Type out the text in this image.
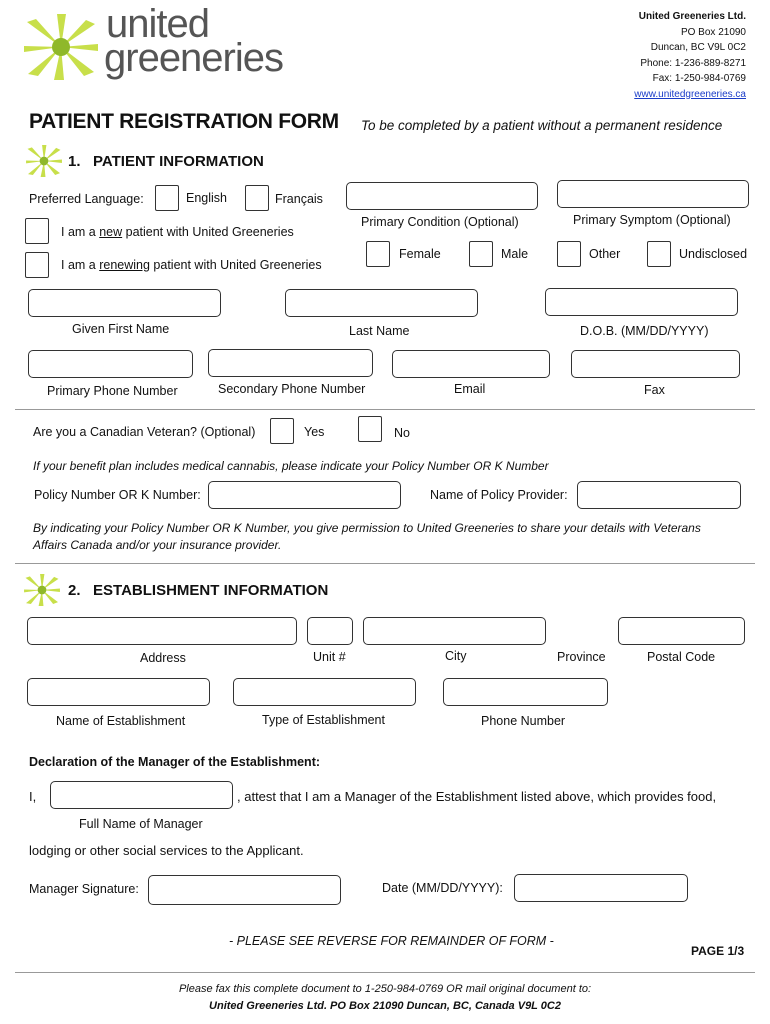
united
greeneries
United Greeneries Ltd.
PO Box 21090
Duncan, BC V9L 0C2
Phone: 1-236-889-8271
Fax: 1-250-984-0769
www.unitedgreeneries.ca
PATIENT REGISTRATION FORM To be completed by a patient without a permanent residence
1.   PATIENT INFORMATION
Preferred Language:	English	Français
I am a new patient with United Greeneries
I am a renewing patient with United Greeneries
Primary Condition (Optional)	Primary Symptom (Optional)
Female	Male	Other	Undisclosed
Given First Name	Last Name	D.O.B. (MM/DD/YYYY)
Primary Phone Number	Secondary Phone Number	Email	Fax
Are you a Canadian Veteran? (Optional)	Yes	No
If your benefit plan includes medical cannabis, please indicate your Policy Number OR K Number
Policy Number OR K Number:	Name of Policy Provider:
By indicating your Policy Number OR K Number, you give permission to United Greeneries to share your details with Veterans
Affairs Canada and/or your insurance provider.
2.   ESTABLISHMENT INFORMATION
Address	Unit #	City	Province	Postal Code
Name of Establishment	Type of Establishment	Phone Number
Declaration of the Manager of the Establishment:
I,	, attest that I am a Manager of the Establishment listed above, which provides food,
Full Name of Manager
lodging or other social services to the Applicant.
Manager Signature:	Date (MM/DD/YYYY):
- PLEASE SEE REVERSE FOR REMAINDER OF FORM -
PAGE 1/3
Please fax this complete document to 1-250-984-0769 OR mail original document to:
United Greeneries Ltd. PO Box 21090 Duncan, BC, Canada V9L 0C2
